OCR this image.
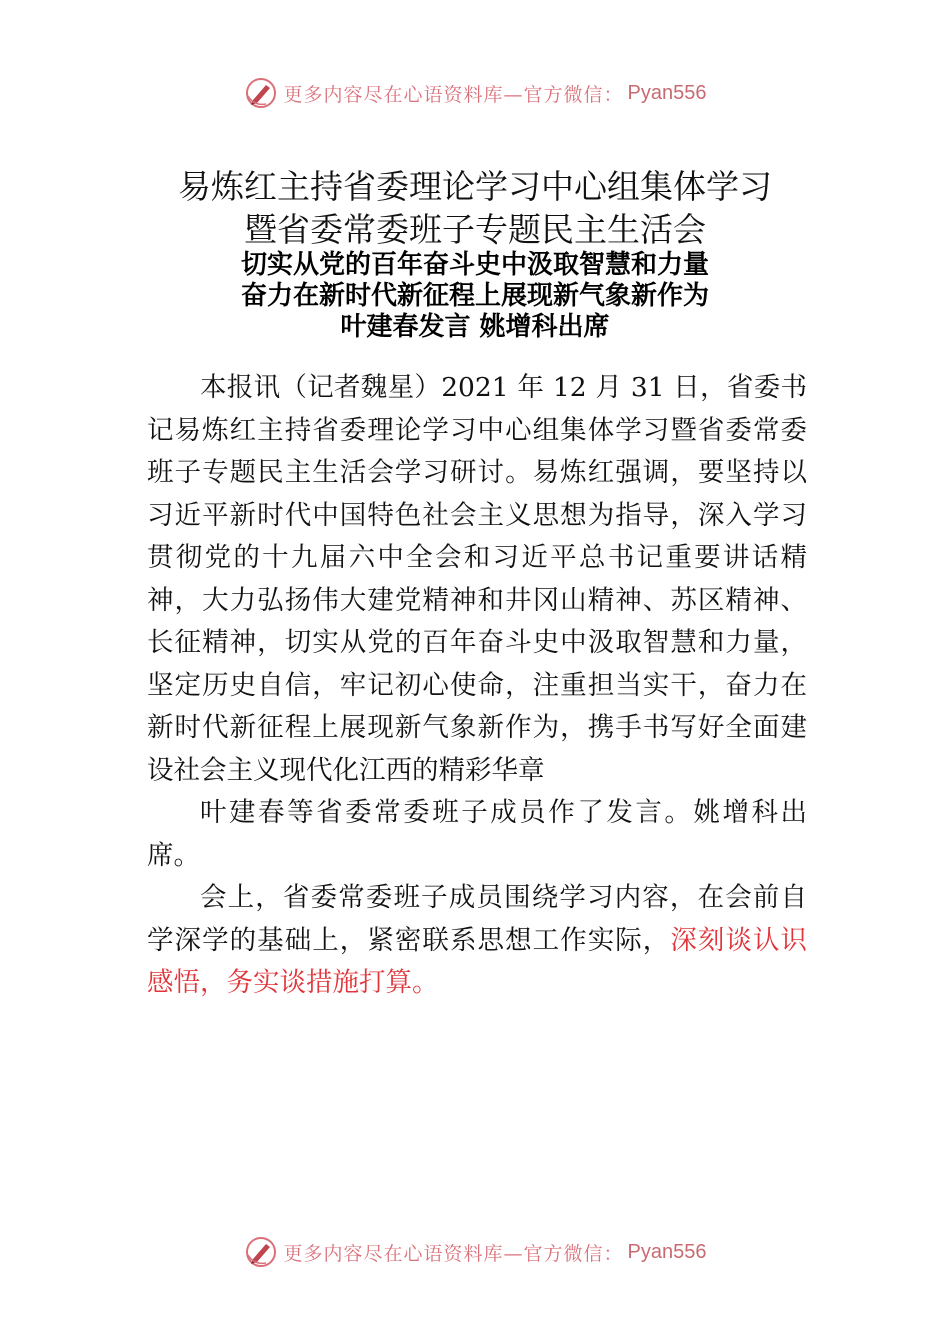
更多内容尽在心语资料库—官方微信： Pyan556
易炼红主持省委理论学习中心组集体学习
暨省委常委班子专题民主生活会
切实从党的百年奋斗史中汲取智慧和力量
奋力在新时代新征程上展现新气象新作为
叶建春发言 姚增科出席

本报讯（记者魏星）2021 年 12 月 31 日，省委书记易炼红主持省委理论学习中心组集体学习暨省委常委班子专题民主生活会学习研讨。易炼红强调，要坚持以习近平新时代中国特色社会主义思想为指导，深入学习贯彻党的十九届六中全会和习近平总书记重要讲话精神，大力弘扬伟大建党精神和井冈山精神、苏区精神、长征精神，切实从党的百年奋斗史中汲取智慧和力量，坚定历史自信，牢记初心使命，注重担当实干，奋力在新时代新征程上展现新气象新作为，携手书写好全面建设社会主义现代化江西的精彩华章

叶建春等省委常委班子成员作了发言。姚增科出席。

会上，省委常委班子成员围绕学习内容，在会前自学深学的基础上，紧密联系思想工作实际，深刻谈认识感悟，务实谈措施打算。

更多内容尽在心语资料库—官方微信： Pyan556
